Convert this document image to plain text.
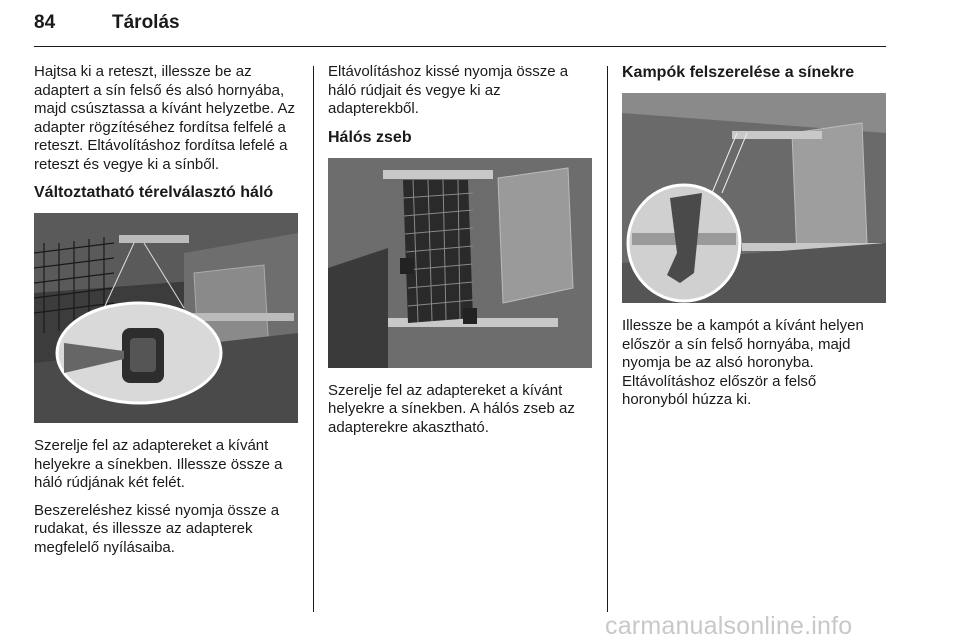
84	Tárolás

Hajtsa ki a reteszt, illessze be az adaptert a sín felső és alsó hornyába, majd csúsztassa a kívánt helyzetbe. Az adapter rögzítéséhez fordítsa felfelé a reteszt. Eltávolításhoz fordítsa lefelé a reteszt és vegye ki a sínből.

Változtatható térelválasztó háló

Szerelje fel az adaptereket a kívánt helyekre a sínekben. Illessze össze a háló rúdjának két felét.

Beszereléshez kissé nyomja össze a rudakat, és illessze az adapterek megfelelő nyílásaiba.

Eltávolításhoz kissé nyomja össze a háló rúdjait és vegye ki az adapterekből.

Hálós zseb

Szerelje fel az adaptereket a kívánt helyekre a sínekben. A hálós zseb az adapterekre akasztható.

Kampók felszerelése a sínekre

Illessze be a kampót a kívánt helyen először a sín felső hornyába, majd nyomja be az alsó horonyba. Eltávolításhoz először a felső horonyból húzza ki.

carmanualsonline.info
